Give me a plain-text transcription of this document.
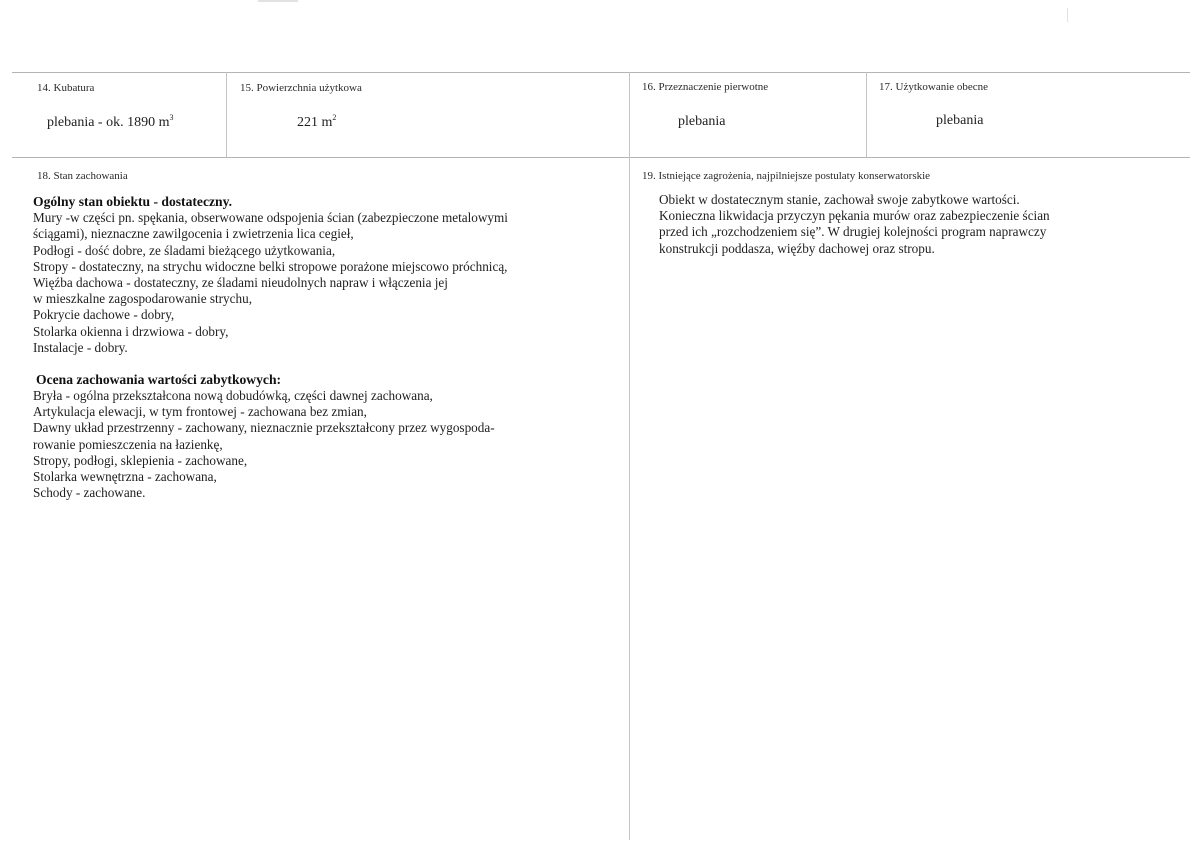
14. Kubatura
plebania - ok. 1890 $m^3$
15. Powierzchnia użytkowa
221 $m^2$
16. Przeznaczenie pierwotne
plebania
17. Użytkowanie obecne
plebania
18. Stan zachowania
Ogólny stan obiektu - dostateczny.
Mury -w części pn. spękania, obserwowane odspojenia ścian (zabezpieczone metalowymi
ściągami), nieznaczne zawilgocenia i zwietrzenia lica cegieł,
Podłogi - dość dobre, ze śladami bieżącego użytkowania,
Stropy - dostateczny, na strychu widoczne belki stropowe porażone miejscowo próchnicą,
Więźba dachowa - dostateczny, ze śladami nieudolnych napraw i włączenia jej
w mieszkalne zagospodarowanie strychu,
Pokrycie dachowe - dobry,
Stolarka okienna i drzwiowa - dobry,
Instalacje - dobry.
Ocena zachowania wartości zabytkowych:
Bryła - ogólna przekształcona nową dobudówką, części dawnej zachowana,
Artykulacja elewacji, w tym frontowej - zachowana bez zmian,
Dawny układ przestrzenny - zachowany, nieznacznie przekształcony przez wygospoda-
rowanie pomieszczenia na łazienkę,
Stropy, podłogi, sklepienia - zachowane,
Stolarka wewnętrzna - zachowana,
Schody - zachowane.
19. Istniejące zagrożenia, najpilniejsze postulaty konserwatorskie
Obiekt w dostatecznym stanie, zachował swoje zabytkowe wartości.
Konieczna likwidacja przyczyn pękania murów oraz zabezpieczenie ścian
przed ich „rozchodzeniem się”. W drugiej kolejności program naprawczy
konstrukcji poddasza, więźby dachowej oraz stropu.
